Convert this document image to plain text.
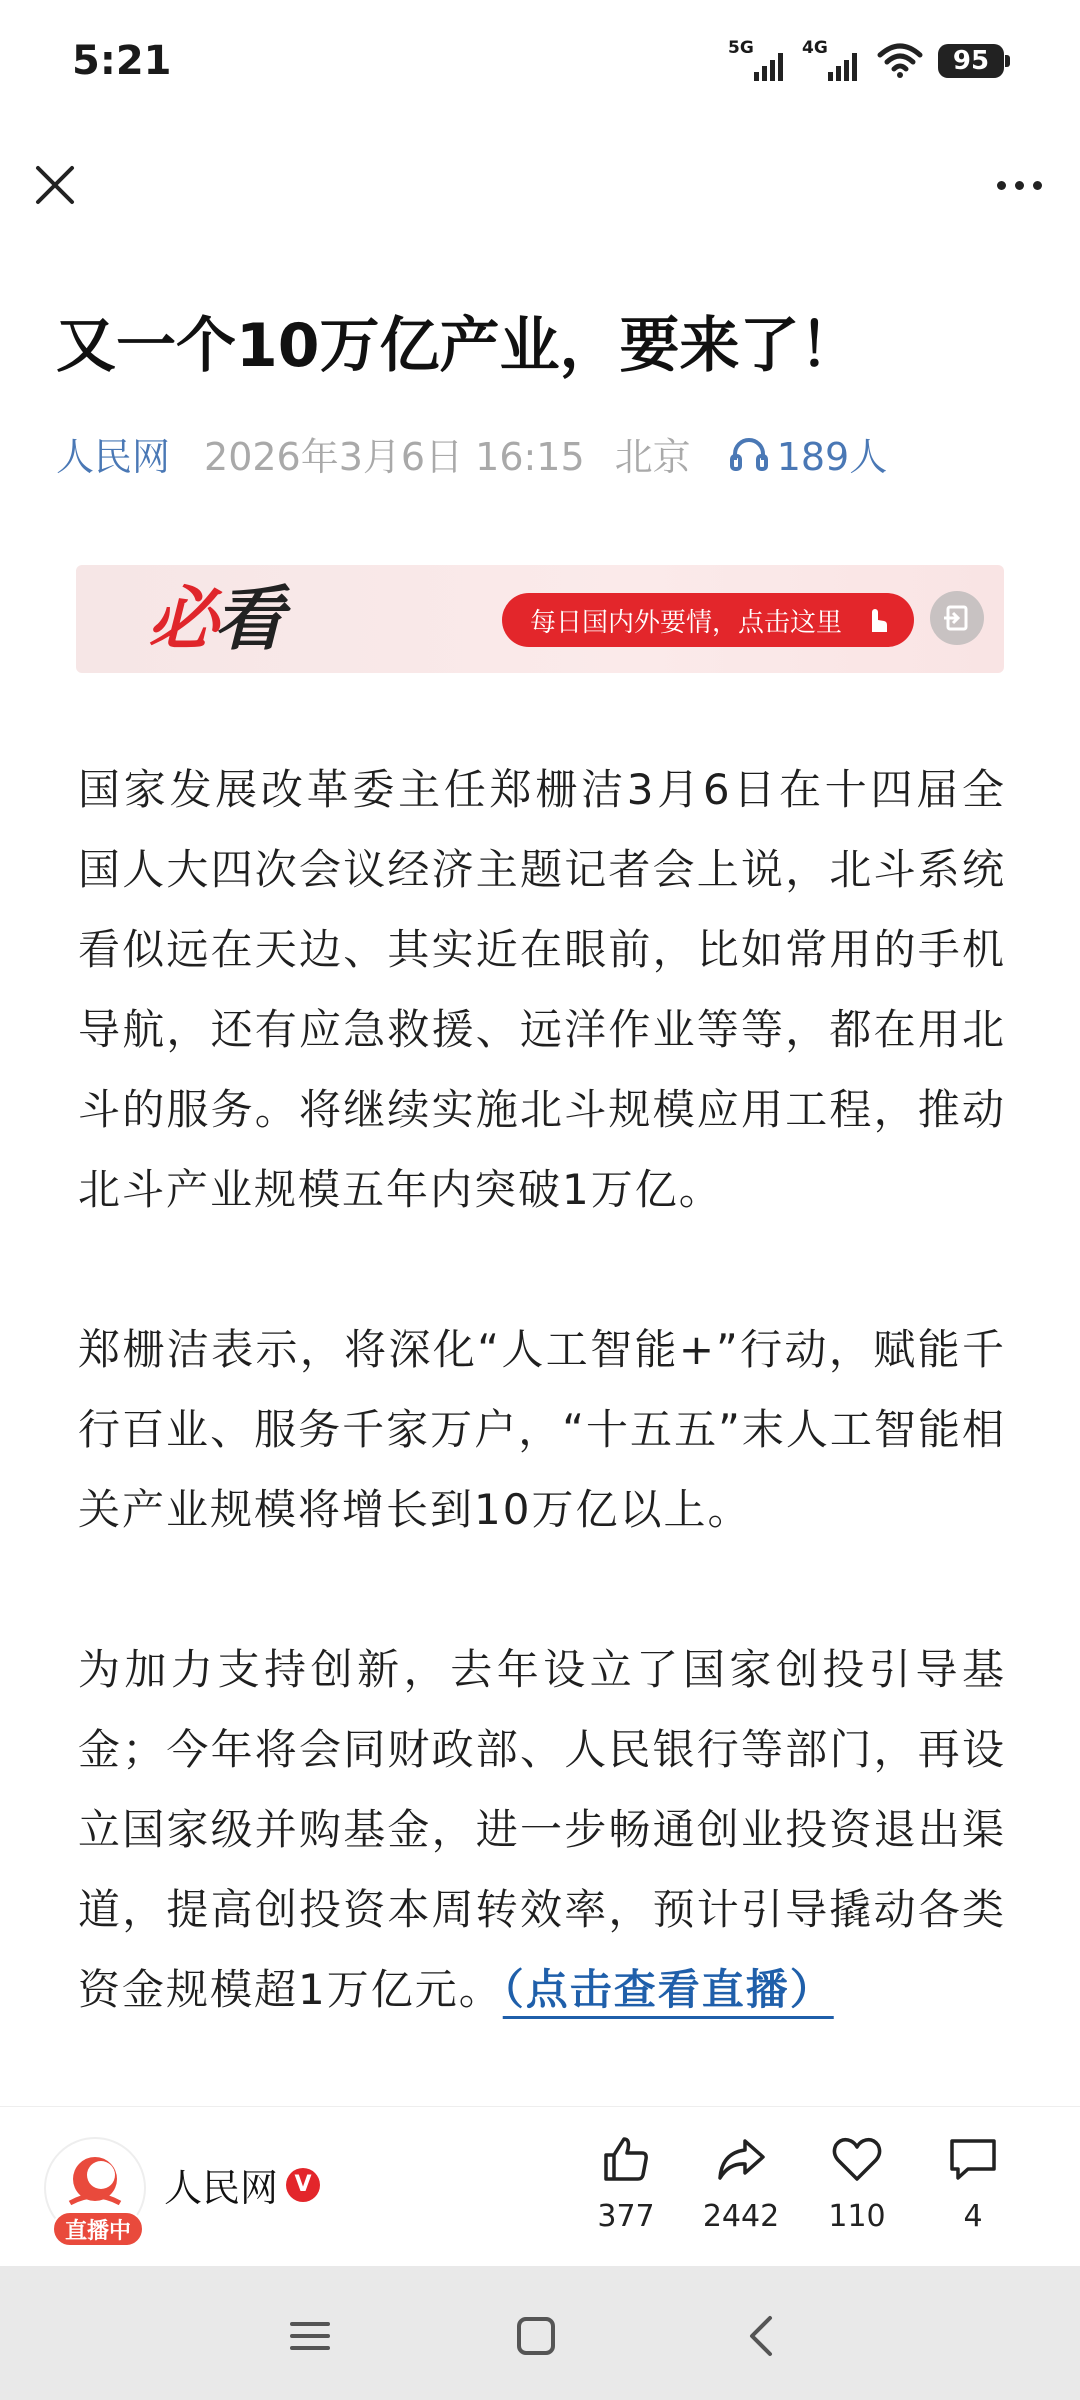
5:21	5G	4G	95
又一个10万亿产业，要来了！
人民网 2026年3月6日 16:15 北京 189人
必看	每日国内外要情，点击这里

国家发展改革委主任郑栅洁3月6日在十四届全国人大四次会议经济主题记者会上说，北斗系统看似远在天边、其实近在眼前，比如常用的手机导航，还有应急救援、远洋作业等等，都在用北斗的服务。将继续实施北斗规模应用工程，推动北斗产业规模五年内突破1万亿。

郑栅洁表示，将深化“人工智能+”行动，赋能千行百业、服务千家万户，“十五五”末人工智能相关产业规模将增长到10万亿以上。

为加力支持创新，去年设立了国家创投引导基金；今年将会同财政部、人民银行等部门，再设立国家级并购基金，进一步畅通创业投资退出渠道，提高创投资本周转效率，预计引导撬动各类资金规模超1万亿元。（点击查看直播）

直播中
人民网 V
377 2442 110	4
